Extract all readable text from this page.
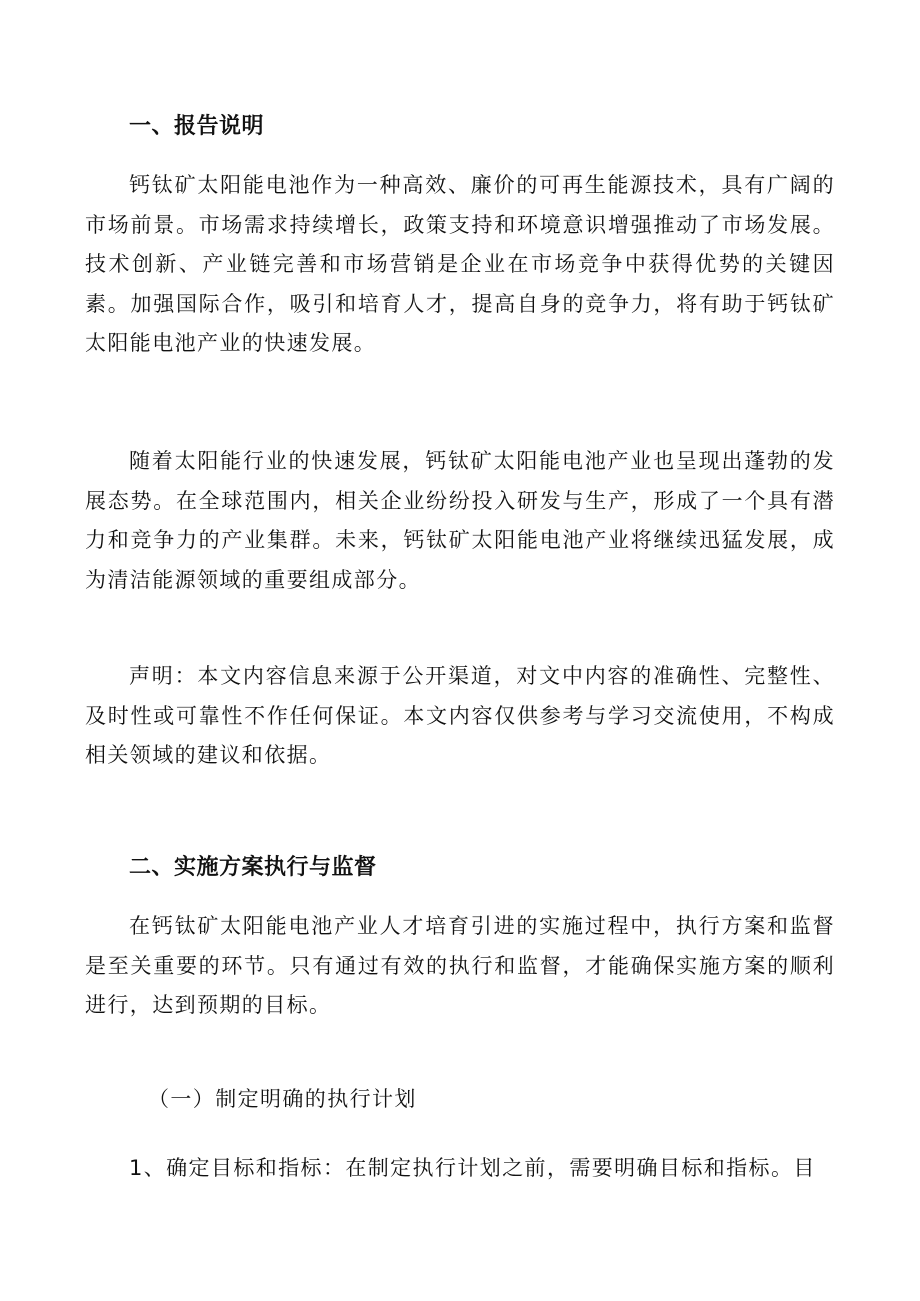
一、报告说明

钙钛矿太阳能电池作为一种高效、廉价的可再生能源技术，具有广阔的市场前景。市场需求持续增长，政策支持和环境意识增强推动了市场发展。技术创新、产业链完善和市场营销是企业在市场竞争中获得优势的关键因素。加强国际合作，吸引和培育人才，提高自身的竞争力，将有助于钙钛矿太阳能电池产业的快速发展。

随着太阳能行业的快速发展，钙钛矿太阳能电池产业也呈现出蓬勃的发展态势。在全球范围内，相关企业纷纷投入研发与生产，形成了一个具有潜力和竞争力的产业集群。未来，钙钛矿太阳能电池产业将继续迅猛发展，成为清洁能源领域的重要组成部分。

声明：本文内容信息来源于公开渠道，对文中内容的准确性、完整性、及时性或可靠性不作任何保证。本文内容仅供参考与学习交流使用，不构成相关领域的建议和依据。

二、实施方案执行与监督

在钙钛矿太阳能电池产业人才培育引进的实施过程中，执行方案和监督是至关重要的环节。只有通过有效的执行和监督，才能确保实施方案的顺利进行，达到预期的目标。

（一）制定明确的执行计划
1、确定目标和指标：在制定执行计划之前，需要明确目标和指标。目
